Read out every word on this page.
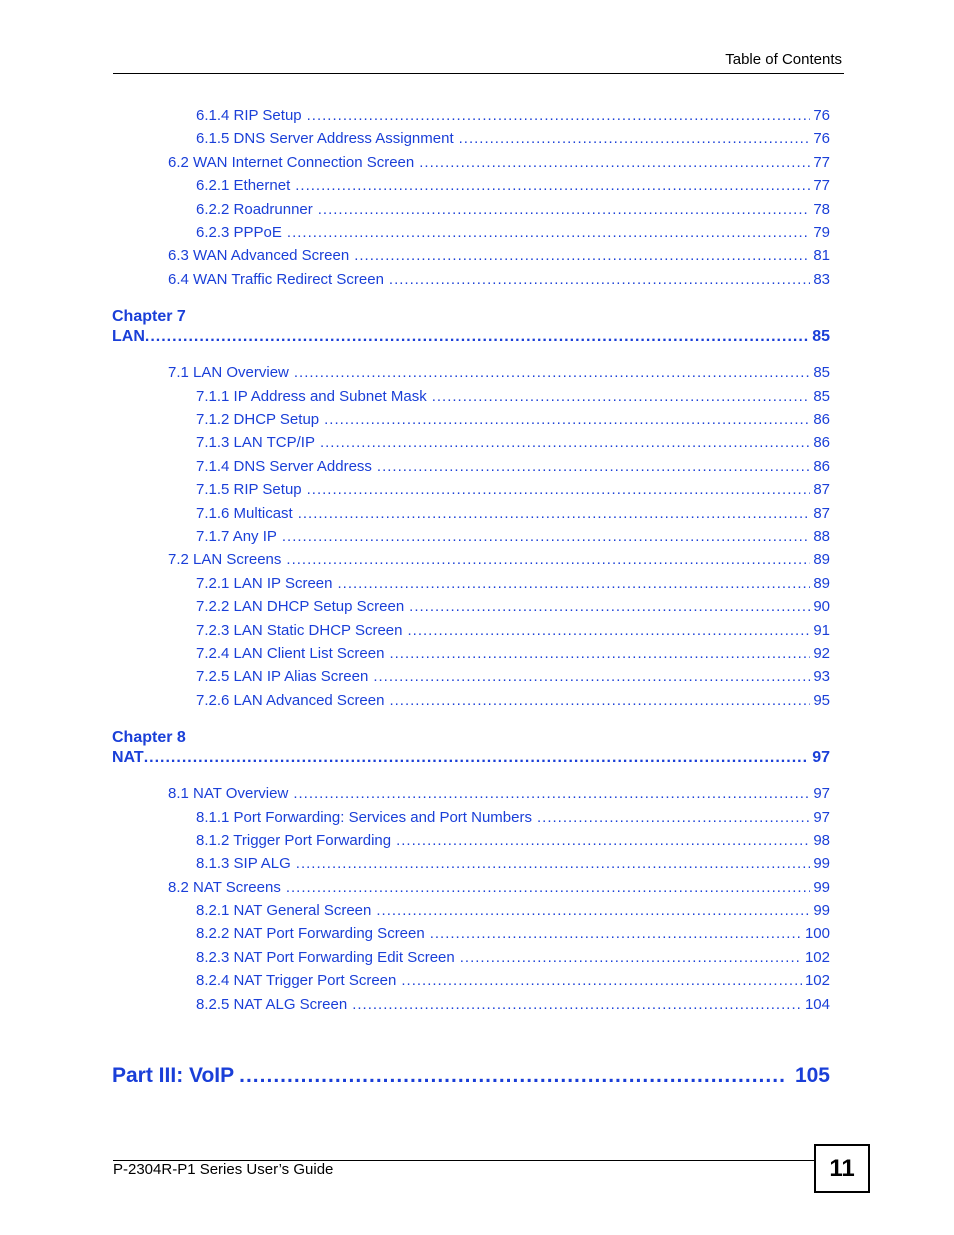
Table of Contents
6.1.4 RIP Setup .....	76
6.1.5 DNS Server Address Assignment .....	76
6.2 WAN Internet Connection Screen .....	77
6.2.1 Ethernet .....	77
6.2.2 Roadrunner .....	78
6.2.3 PPPoE .....	79
6.3 WAN Advanced Screen .....	81
6.4 WAN Traffic Redirect Screen .....	83
Chapter 7
LAN .....	85
7.1 LAN Overview .....	85
7.1.1 IP Address and Subnet Mask .....	85
7.1.2 DHCP Setup .....	86
7.1.3 LAN TCP/IP .....	86
7.1.4 DNS Server Address .....	86
7.1.5 RIP Setup .....	87
7.1.6 Multicast .....	87
7.1.7 Any IP .....	88
7.2 LAN Screens .....	89
7.2.1 LAN IP Screen .....	89
7.2.2 LAN DHCP Setup Screen .....	90
7.2.3 LAN Static DHCP Screen .....	91
7.2.4 LAN Client List Screen .....	92
7.2.5 LAN IP Alias Screen .....	93
7.2.6 LAN Advanced Screen .....	95
Chapter 8
NAT .....	97
8.1 NAT Overview .....	97
8.1.1 Port Forwarding: Services and Port Numbers .....	97
8.1.2 Trigger Port Forwarding .....	98
8.1.3 SIP ALG .....	99
8.2 NAT Screens .....	99
8.2.1 NAT General Screen .....	99
8.2.2 NAT Port Forwarding Screen .....	100
8.2.3 NAT Port Forwarding Edit Screen .....	102
8.2.4 NAT Trigger Port Screen .....	102
8.2.5 NAT ALG Screen .....	104
Part III: VoIP .....	105
P-2304R-P1 Series User’s Guide	11
